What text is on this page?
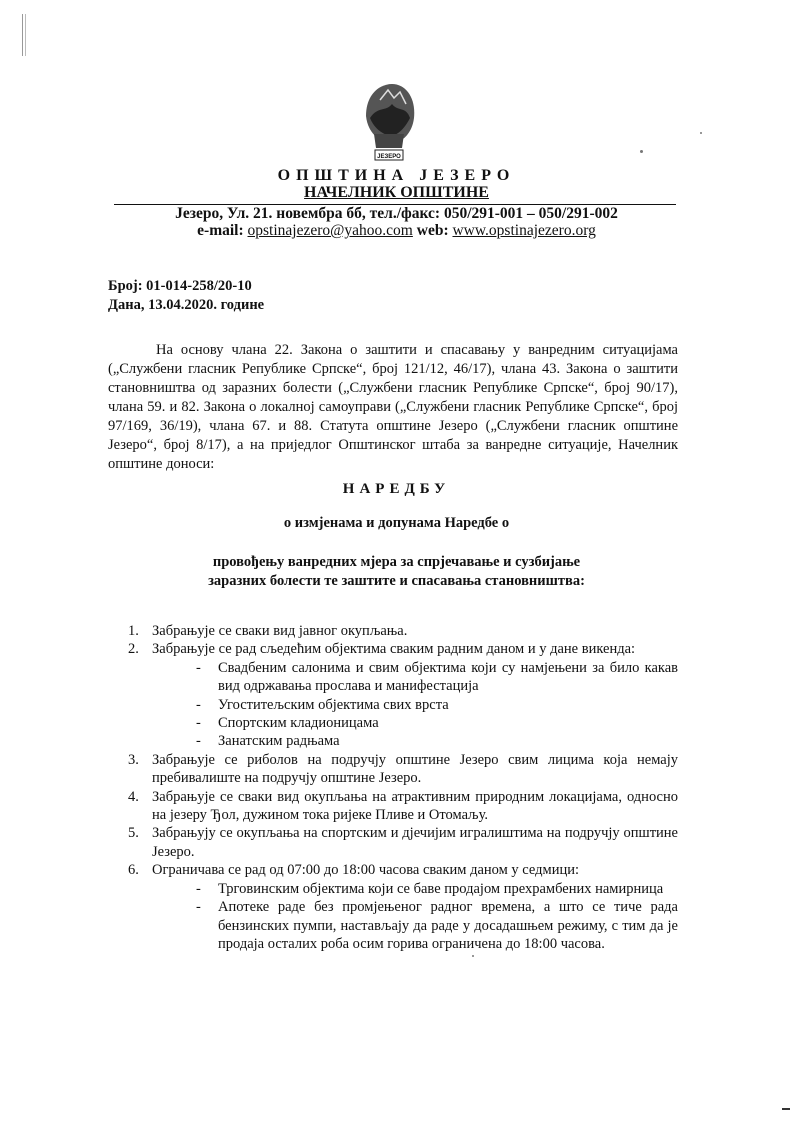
ЈЕЗЕРО
ОПШТИНА ЈЕЗЕРО
НАЧЕЛНИК ОПШТИНЕ
Језеро, Ул. 21. новембра бб, тел./факс: 050/291-001 – 050/291-002
e-mail: opstinajezero@yahoo.com web: www.opstinajezero.org
Број: 01-014-258/20-10
Дана, 13.04.2020. године
На основу члана 22. Закона о заштити и спасавању у ванредним ситуацијама („Службени гласник Републике Српске“, број 121/12, 46/17), члана 43. Закона о заштити становништва од заразних болести („Службени гласник Републике Српске“, број 90/17), члана 59. и 82. Закона о локалној самоуправи („Службени гласник Републике Српске“, број 97/169, 36/19), члана 67. и 88. Статута општине Језеро („Службени гласник општине Језеро“, број 8/17), а на приједлог Општинског штаба за ванредне ситуације, Начелник општине доноси:
НАРЕДБУ
о измјенама и допунама Наредбе о
провођењу ванредних мјера за спрјечавање и сузбијање заразних болести те заштите и спасавања становништва:
1. Забрањује се сваки вид јавног окупљања.
2. Забрањује се рад сљедећим објектима сваким радним даном и у дане викенда:
- Свадбеним салонима и свим објектима који су намјењени за било какав вид одржавања прослава и манифестација
- Угоститељским објектима свих врста
- Спортским кладионицама
- Занатским радњама
3. Забрањује се риболов на подручју општине Језеро свим лицима која немају пребивалиште на подручју општине Језеро.
4. Забрањује се сваки вид окупљања на атрактивним природним локацијама, односно на језеру Ђол, дужином тока ријеке Пливе и Отомаљу.
5. Забрањују се окупљања на спортским и дјечијим игралиштима на подручју општине Језеро.
6. Ограничава се рад од 07:00 до 18:00 часова сваким даном у седмици:
- Трговинским објектима који се баве продајом прехрамбених намирница
- Апотеке раде без промјењеног радног времена, а што се тиче рада бензинских пумпи, настављају да раде у досадашњем режиму, с тим да је продаја осталих роба осим горива ограничена до 18:00 часова.
